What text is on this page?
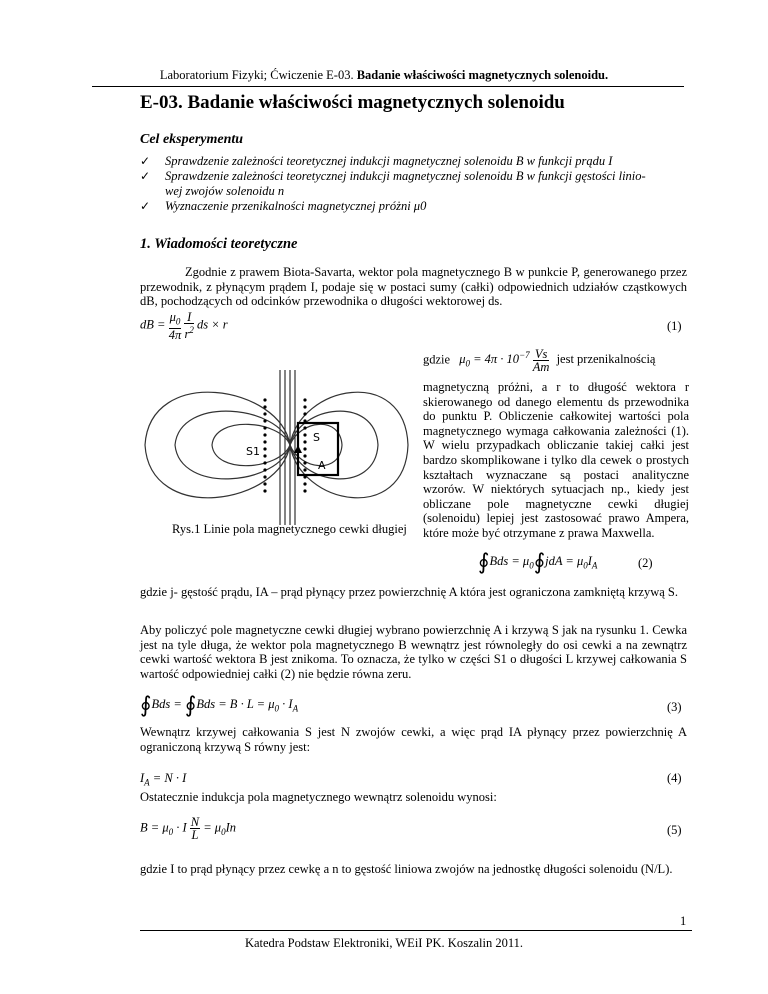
Laboratorium Fizyki; Ćwiczenie E-03. Badanie właściwości magnetycznych solenoidu.
E-03. Badanie właściwości magnetycznych solenoidu
Cel eksperymentu
✓ Sprawdzenie zależności teoretycznej indukcji magnetycznej solenoidu B w funkcji prądu I
✓ Sprawdzenie zależności teoretycznej indukcji magnetycznej solenoidu B w funkcji gęstości linio-
wej zwojów solenoidu n
✓ Wyznaczenie przenikalności magnetycznej próżni μ0
1. Wiadomości teoretyczne
Zgodnie z prawem Biota-Savarta, wektor pola magnetycznego B w punkcie P, generowanego przez przewodnik, z płynącym prądem I, podaje się w postaci sumy (całki) odpowiednich udziałów cząstkowych dB, pochodzących od odcinków przewodnika o długości wektorowej ds.
dB = $\frac{\mu_0}{4\pi}$
$\frac{I}{r^2}$ ds × r	(1)
gdzie $\mu_0 = 4\pi \cdot 10^{-7} \frac{Vs}{Am}$ jest przenikalnością
magnetyczną próżni, a r to długość wektora r skierowanego od danego elementu ds przewodnika do punktu P. Obliczenie całkowitej wartości pola magnetycznego wymaga całkowania zależności (1). W wielu przypadkach obliczanie takiej całki jest bardzo skomplikowane i tylko dla cewek o prostych kształtach wyznaczane są postaci analityczne wzorów. W niektórych sytuacjach np., kiedy jest obliczane pole magnetyczne cewki długiej (solenoidu) lepiej jest zastosować prawo Ampera, które może być otrzymane z prawa Maxwella.
S
S1
A
Rys.1 Linie pola magnetycznego cewki długiej
∮Bds = $\mu_0∮jdA = \mu_0I_A$	(2)
gdzie j- gęstość prądu, IA – prąd płynący przez powierzchnię A która jest ograniczona zamkniętą krzywą S.
Aby policzyć pole magnetyczne cewki długiej wybrano powierzchnię A i krzywą S jak na rysunku 1. Cewka jest na tyle długa, że wektor pola magnetycznego B wewnątrz jest równoległy do osi cewki a na zewnątrz cewki wartość wektora B jest znikoma. To oznacza, że tylko w części S1 o długości L krzywej całkowania S wartość odpowiedniej całki (2) nie będzie równa zeru.
∮Bds = ∮Bds = $B \cdot L = \mu_0 \cdot I_A$	(3)
Wewnątrz krzywej całkowania S jest N zwojów cewki, a więc prąd IA płynący przez powierzchnię A ograniczoną krzywą S równy jest:
$I_A = N \cdot I$	(4)
Ostatecznie indukcja pola magnetycznego wewnątrz solenoidu wynosi:
$B = \mu_0 \cdot I \frac{N}{L} = \mu_0In$	(5)
gdzie I to prąd płynący przez cewkę a n to gęstość liniowa zwojów na jednostkę długości solenoidu (N/L).
1
Katedra Podstaw Elektroniki, WEiI PK. Koszalin 2011.
